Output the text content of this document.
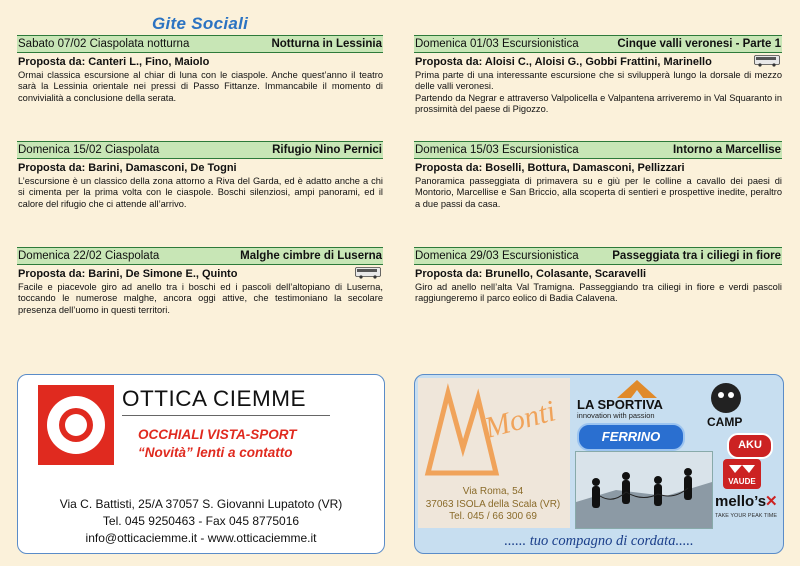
Gite Sociali
Sabato 07/02 Ciaspolata notturna	Notturna in Lessinia
Proposta da: Canteri L., Fino, Maiolo

Ormai classica escursione al chiar di luna con le ciaspole. Anche quest’anno il teatro sarà la Lessinia orientale nei pressi di Passo Fittanze. Immancabile il momento di convivialità a conclusione della serata.

Domenica 15/02 Ciaspolata	Rifugio Nino Pernici
Proposta da: Barini, Damasconi, De Togni

L’escursione è un classico della zona attorno a Riva del Garda, ed è adatto anche a chi si cimenta per la prima volta con le ciaspole. Boschi silenziosi, ampi panorami, ed il calore del rifugio che ci attende all’arrivo.

Domenica 22/02 Ciaspolata	Malghe cimbre di Luserna
Proposta da: Barini, De Simone E., Quinto

Facile e piacevole giro ad anello tra i boschi ed i pascoli dell’altopiano di Luserna, toccando le numerose malghe, ancora oggi attive, che testimoniano la secolare presenza dell’uomo in questi territori.

Domenica 01/03 Escursionistica	Cinque valli veronesi - Parte 1
Proposta da: Aloisi C., Aloisi G., Gobbi Frattini, Marinello

Prima parte di una interessante escursione che si svilupperà lungo la dorsale di mezzo delle valli veronesi.

Partendo da Negrar e attraverso Valpolicella e Valpantena arriveremo in Val Squaranto in prossimità del paese di Pigozzo.

Domenica 15/03 Escursionistica	Intorno a Marcellise
Proposta da: Boselli, Bottura, Damasconi, Pellizzari

Panoramica passeggiata di primavera su e giù per le colline a cavallo dei paesi di Montorio, Marcellise e San Briccio, alla scoperta di sentieri e prospettive inedite, peraltro a due passi da casa.

Domenica 29/03 Escursionistica	Passeggiata tra i ciliegi in fiore
Proposta da: Brunello, Colasante, Scaravelli

Giro ad anello nell’alta Val Tramigna. Passeggiando tra ciliegi in fiore e verdi pascoli raggiungeremo il parco eolico di Badia Calavena.

OTTICA CIEMME
OCCHIALI VISTA-SPORT
“Novità” lenti a contatto
Via C. Battisti, 25/A 37057 S. Giovanni Lupatoto (VR)
Tel. 045 9250463 - Fax 045 8775016
info@otticaciemme.it - www.otticaciemme.it
Monti
Via Roma, 54
37063 ISOLA della Scala (VR)
Tel. 045 / 66 300 69
LA SPORTIVA
innovation with passion	CAMP
FERRINO
AKU
VAUDE
mello’s
✕
TAKE YOUR PEAK TIME
...... tuo compagno di cordata.....
